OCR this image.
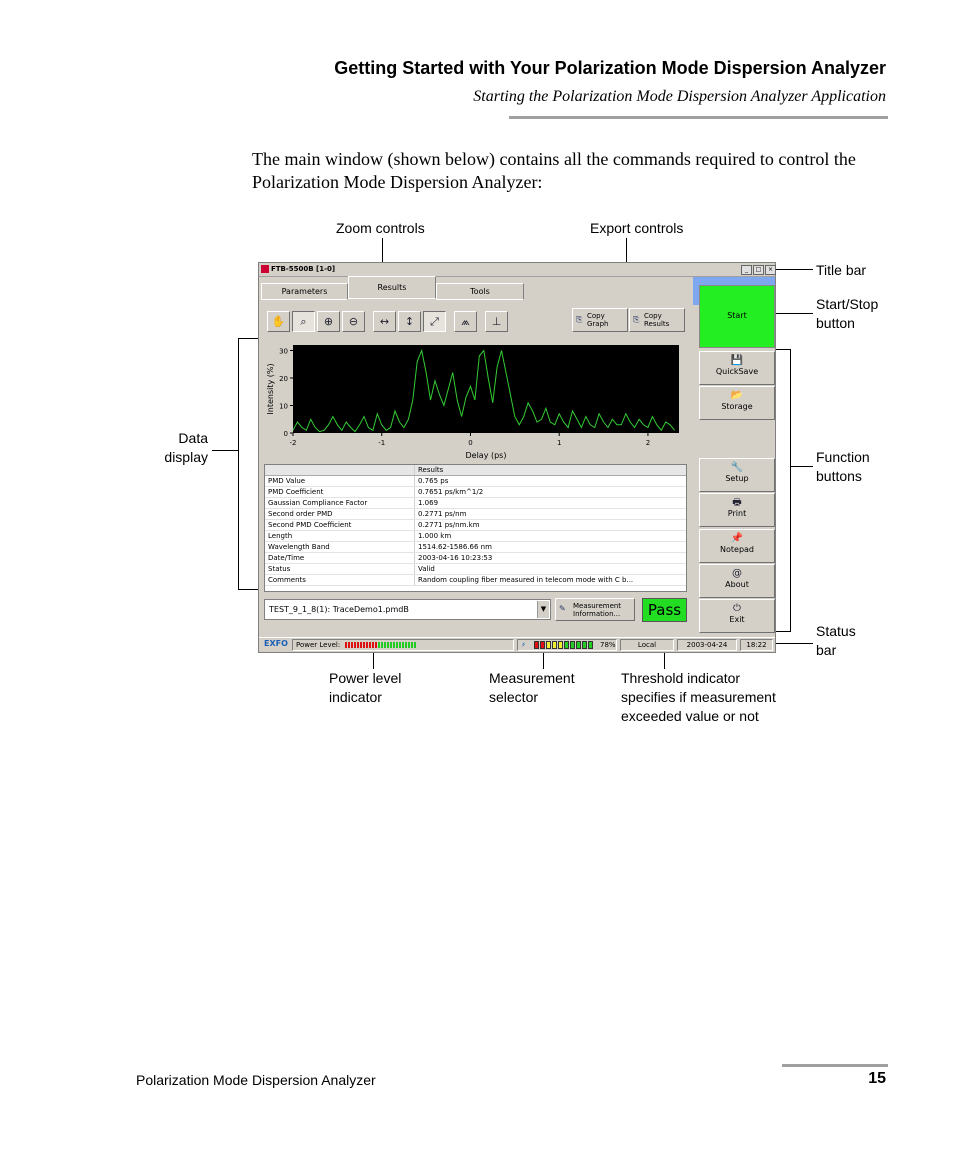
Getting Started with Your Polarization Mode Dispersion Analyzer
Starting the Polarization Mode Dispersion Analyzer Application
The main window (shown below) contains all the commands required to control the Polarization Mode Dispersion Analyzer:
Zoom controls	Export controls
Title bar
Start/Stop
button
Data
display	Function
buttons
Status
bar
Power level
indicator
Measurement
selector
Threshold indicator
specifies if measurement
exceeded value or not
FTB-5500B [1-0]	_	□	×
Parameters	Results	Tools
✋	⌕	⊕	⊖	↔	↕	⤢	⩕	⊥	⎘ Copy
Graph	⎘ Copy
Results
-2	-1	0	1	2
0
10
20
30
Delay (ps)
Intensity (%)
	Results
PMD Value	0.765 ps
PMD Coefficient	0.7651 ps/km^1/2
Gaussian Compliance Factor	1.069
Second order PMD	0.2771 ps/nm
Second PMD Coefficient	0.2771 ps/nm.km
Length	1.000 km
Wavelength Band	1514.62-1586.66 nm
Date/Time	2003-04-16 10:23:53
Status	Valid
Comments	Random coupling fiber measured in telecom mode with C b...
TEST_9_1_8(1): TraceDemo1.pmdB	▼	✎ Measurement
Information...	Pass
Start
💾
QuickSave
📂
Storage
🔧
Setup
🖶
Print
📌
Notepad
@
About
⏻
Exit
EXFO	Power Level:	⚡	78%	Local	2003-04-24	18:22
Polarization Mode Dispersion Analyzer	15
